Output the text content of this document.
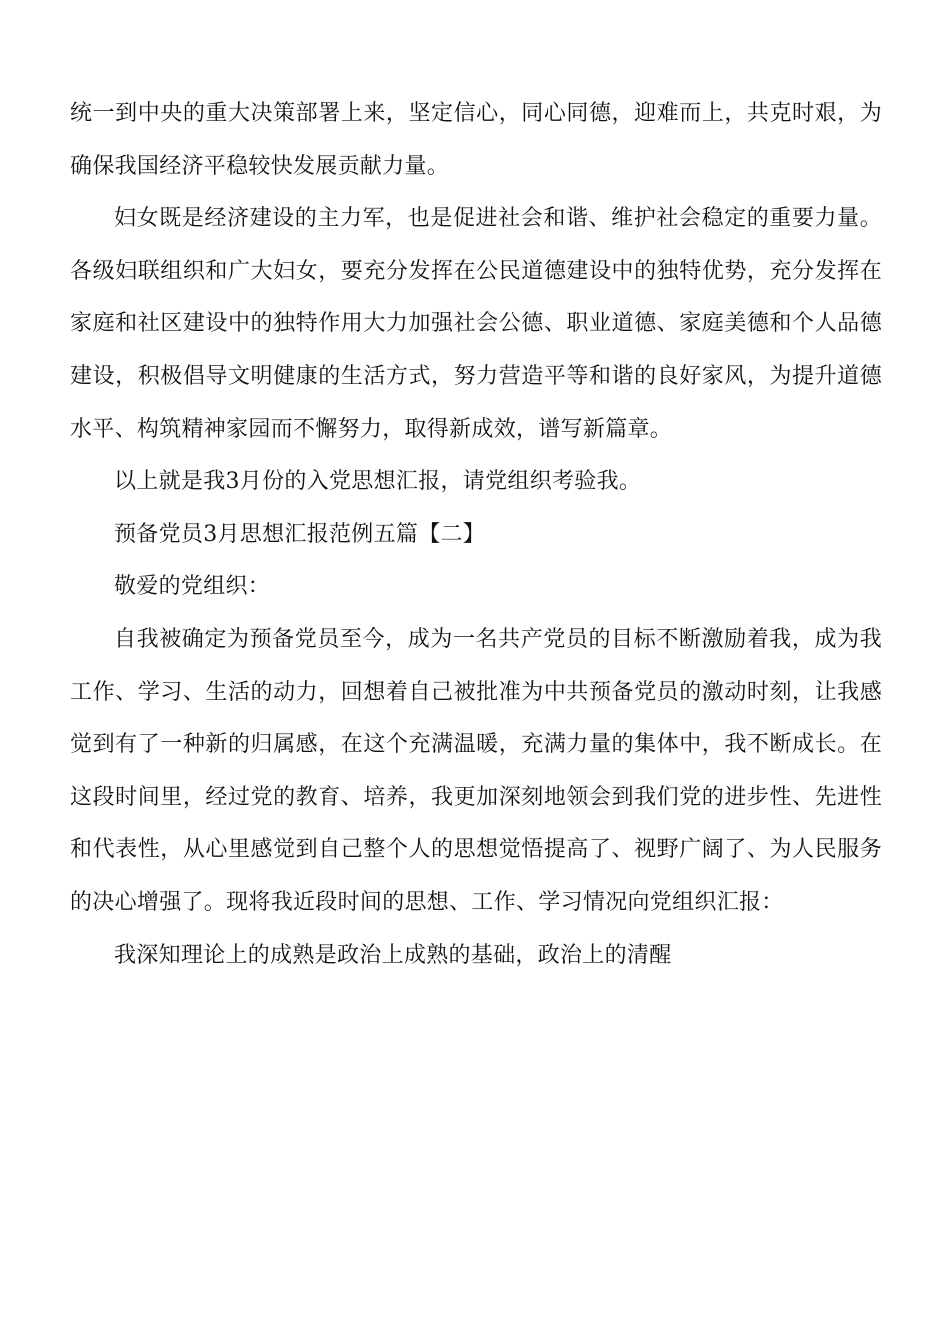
统一到中央的重大决策部署上来，坚定信心，同心同德，迎难而上，共克时艰，为确保我国经济平稳较快发展贡献力量。

妇女既是经济建设的主力军，也是促进社会和谐、维护社会稳定的重要力量。各级妇联组织和广大妇女，要充分发挥在公民道德建设中的独特优势，充分发挥在家庭和社区建设中的独特作用大力加强社会公德、职业道德、家庭美德和个人品德建设，积极倡导文明健康的生活方式，努力营造平等和谐的良好家风，为提升道德水平、构筑精神家园而不懈努力，取得新成效，谱写新篇章。

以上就是我3月份的入党思想汇报，请党组织考验我。

预备党员3月思想汇报范例五篇【二】

敬爱的党组织：

自我被确定为预备党员至今，成为一名共产党员的目标不断激励着我，成为我工作、学习、生活的动力，回想着自己被批准为中共预备党员的激动时刻，让我感觉到有了一种新的归属感，在这个充满温暖，充满力量的集体中，我不断成长。在这段时间里，经过党的教育、培养，我更加深刻地领会到我们党的进步性、先进性和代表性，从心里感觉到自己整个人的思想觉悟提高了、视野广阔了、为人民服务的决心增强了。现将我近段时间的思想、工作、学习情况向党组织汇报：

我深知理论上的成熟是政治上成熟的基础，政治上的清醒
